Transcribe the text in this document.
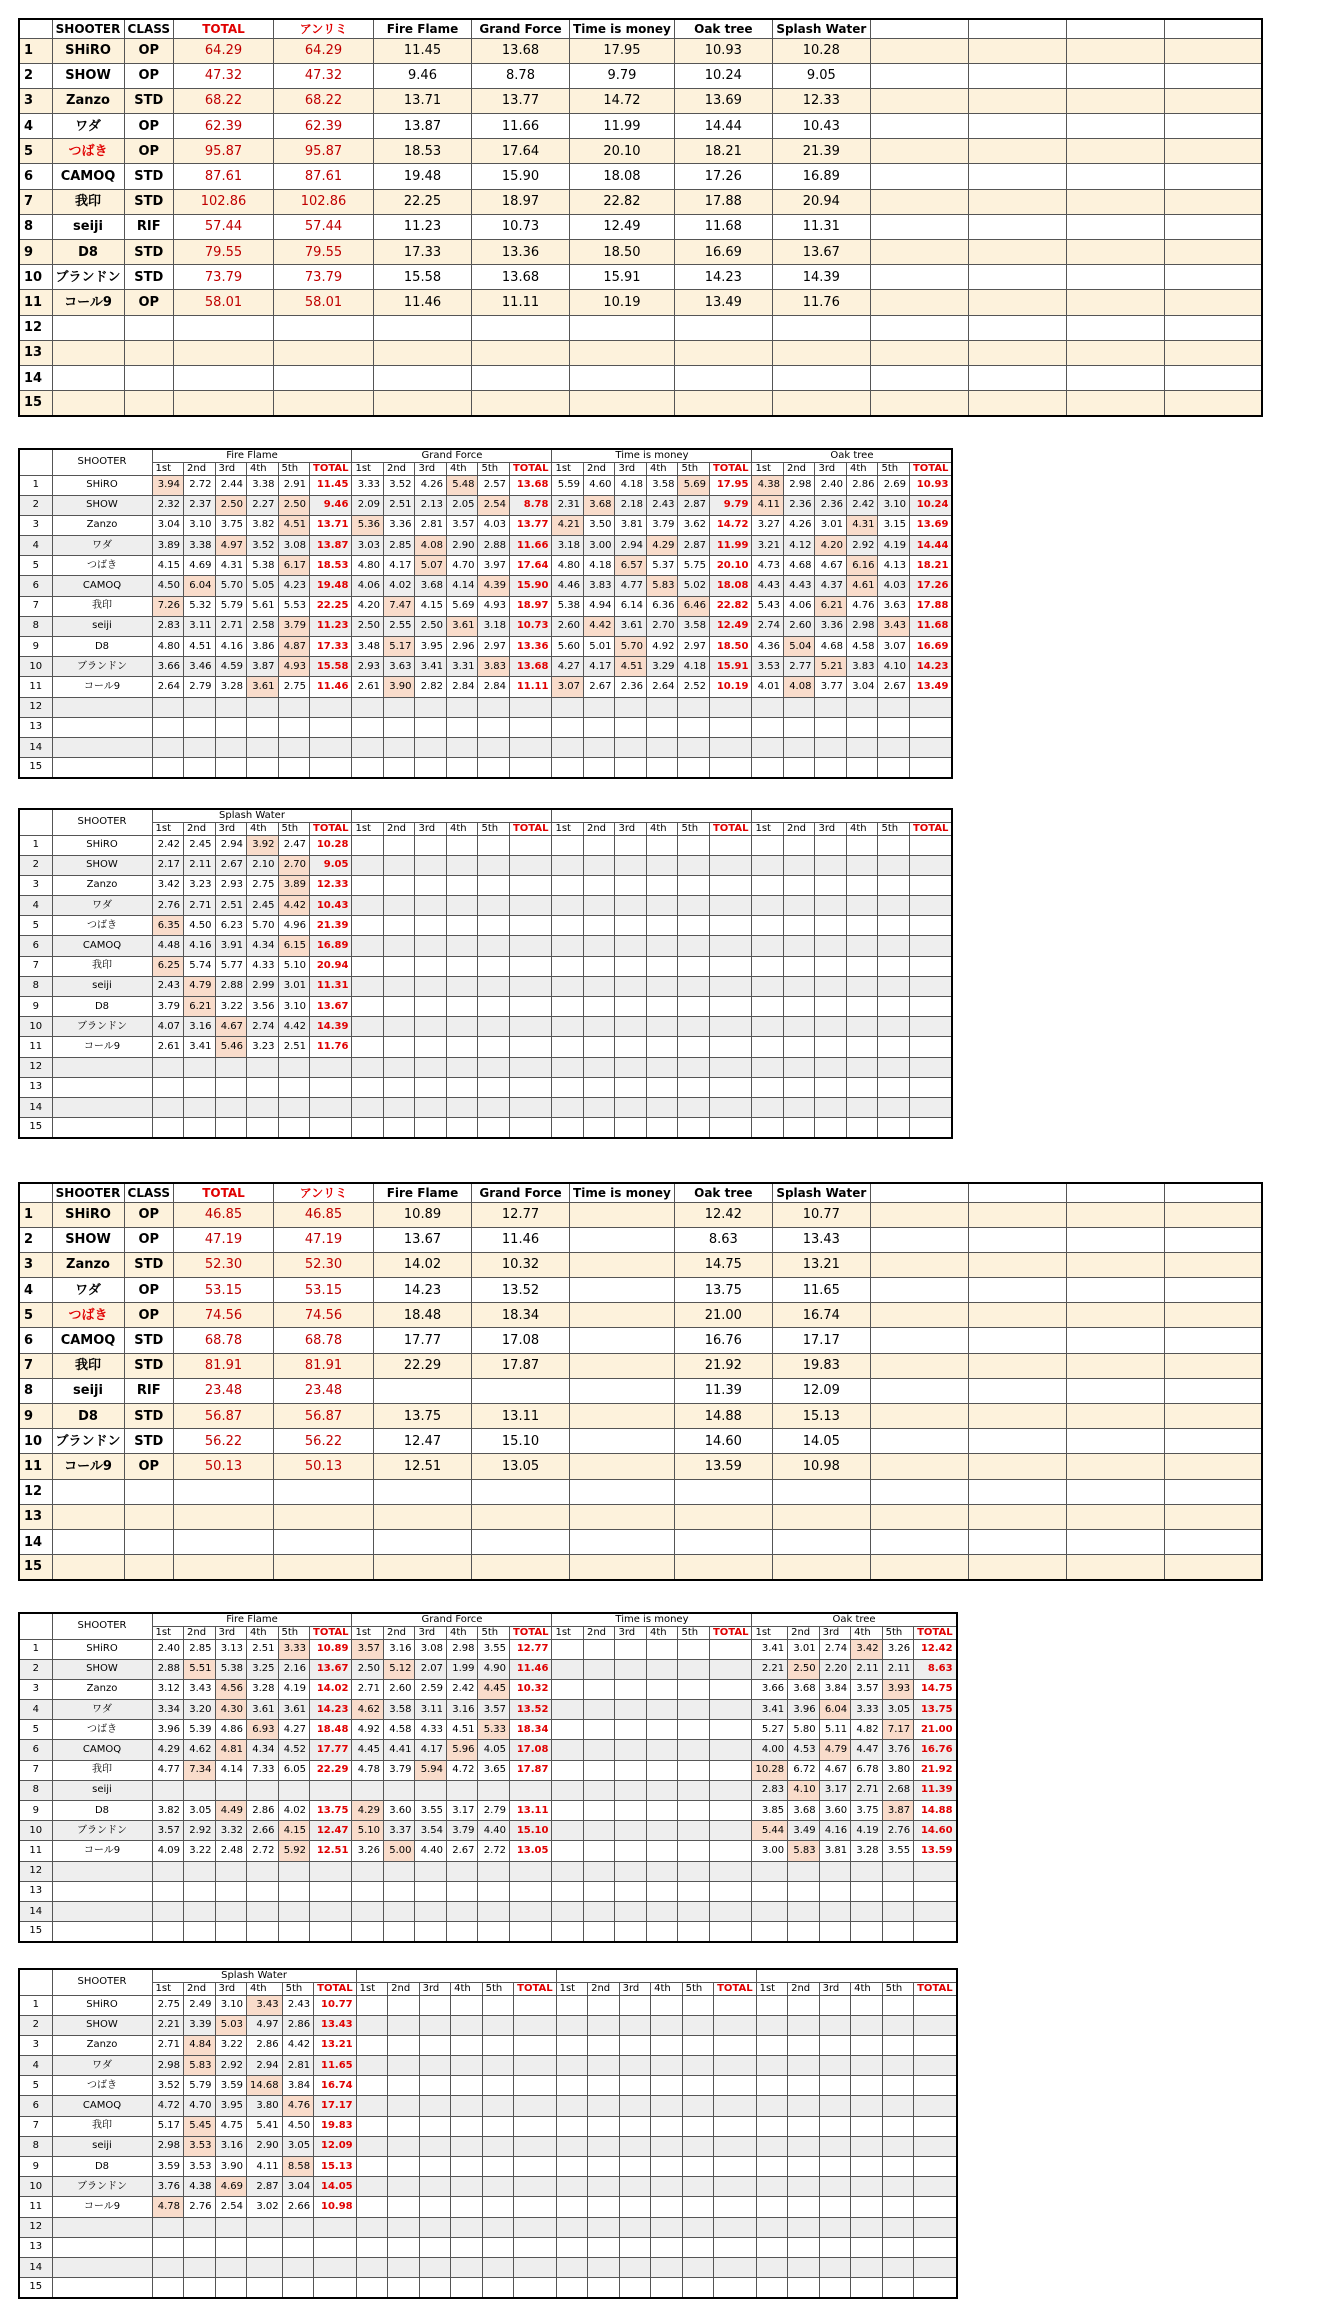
	SHOOTER	CLASS	TOTAL	アンリミ	Fire Flame	Grand Force	Time is money	Oak tree	Splash Water				
1	SHiRO	OP	64.29	64.29	11.45	13.68	17.95	10.93	10.28				
2	SHOW	OP	47.32	47.32	9.46	8.78	9.79	10.24	9.05				
3	Zanzo	STD	68.22	68.22	13.71	13.77	14.72	13.69	12.33				
4	ワダ	OP	62.39	62.39	13.87	11.66	11.99	14.44	10.43				
5	つばき	OP	95.87	95.87	18.53	17.64	20.10	18.21	21.39				
6	CAMOQ	STD	87.61	87.61	19.48	15.90	18.08	17.26	16.89				
7	我印	STD	102.86	102.86	22.25	18.97	22.82	17.88	20.94				
8	seiji	RIF	57.44	57.44	11.23	10.73	12.49	11.68	11.31				
9	D8	STD	79.55	79.55	17.33	13.36	18.50	16.69	13.67				
10	ブランドン	STD	73.79	73.79	15.58	13.68	15.91	14.23	14.39				
11	コール9	OP	58.01	58.01	11.46	11.11	10.19	13.49	11.76				
12													
13													
14													
15													
	SHOOTER	Fire Flame						Grand Force						Time is money						Oak tree					
		1st	2nd	3rd	4th	5th	TOTAL	1st	2nd	3rd	4th	5th	TOTAL	1st	2nd	3rd	4th	5th	TOTAL	1st	2nd	3rd	4th	5th	TOTAL
1	SHiRO	3.94	2.72	2.44	3.38	2.91	11.45	3.33	3.52	4.26	5.48	2.57	13.68	5.59	4.60	4.18	3.58	5.69	17.95	4.38	2.98	2.40	2.86	2.69	10.93
2	SHOW	2.32	2.37	2.50	2.27	2.50	9.46	2.09	2.51	2.13	2.05	2.54	8.78	2.31	3.68	2.18	2.43	2.87	9.79	4.11	2.36	2.36	2.42	3.10	10.24
3	Zanzo	3.04	3.10	3.75	3.82	4.51	13.71	5.36	3.36	2.81	3.57	4.03	13.77	4.21	3.50	3.81	3.79	3.62	14.72	3.27	4.26	3.01	4.31	3.15	13.69
4	ワダ	3.89	3.38	4.97	3.52	3.08	13.87	3.03	2.85	4.08	2.90	2.88	11.66	3.18	3.00	2.94	4.29	2.87	11.99	3.21	4.12	4.20	2.92	4.19	14.44
5	つばき	4.15	4.69	4.31	5.38	6.17	18.53	4.80	4.17	5.07	4.70	3.97	17.64	4.80	4.18	6.57	5.37	5.75	20.10	4.73	4.68	4.67	6.16	4.13	18.21
6	CAMOQ	4.50	6.04	5.70	5.05	4.23	19.48	4.06	4.02	3.68	4.14	4.39	15.90	4.46	3.83	4.77	5.83	5.02	18.08	4.43	4.43	4.37	4.61	4.03	17.26
7	我印	7.26	5.32	5.79	5.61	5.53	22.25	4.20	7.47	4.15	5.69	4.93	18.97	5.38	4.94	6.14	6.36	6.46	22.82	5.43	4.06	6.21	4.76	3.63	17.88
8	seiji	2.83	3.11	2.71	2.58	3.79	11.23	2.50	2.55	2.50	3.61	3.18	10.73	2.60	4.42	3.61	2.70	3.58	12.49	2.74	2.60	3.36	2.98	3.43	11.68
9	D8	4.80	4.51	4.16	3.86	4.87	17.33	3.48	5.17	3.95	2.96	2.97	13.36	5.60	5.01	5.70	4.92	2.97	18.50	4.36	5.04	4.68	4.58	3.07	16.69
10	ブランドン	3.66	3.46	4.59	3.87	4.93	15.58	2.93	3.63	3.41	3.31	3.83	13.68	4.27	4.17	4.51	3.29	4.18	15.91	3.53	2.77	5.21	3.83	4.10	14.23
11	コール9	2.64	2.79	3.28	3.61	2.75	11.46	2.61	3.90	2.82	2.84	2.84	11.11	3.07	2.67	2.36	2.64	2.52	10.19	4.01	4.08	3.77	3.04	2.67	13.49
12																									
13																									
14																									
15																									
	SHOOTER	Splash Water																							
		1st	2nd	3rd	4th	5th	TOTAL	1st	2nd	3rd	4th	5th	TOTAL	1st	2nd	3rd	4th	5th	TOTAL	1st	2nd	3rd	4th	5th	TOTAL
1	SHiRO	2.42	2.45	2.94	3.92	2.47	10.28																		
2	SHOW	2.17	2.11	2.67	2.10	2.70	9.05																		
3	Zanzo	3.42	3.23	2.93	2.75	3.89	12.33																		
4	ワダ	2.76	2.71	2.51	2.45	4.42	10.43																		
5	つばき	6.35	4.50	6.23	5.70	4.96	21.39																		
6	CAMOQ	4.48	4.16	3.91	4.34	6.15	16.89																		
7	我印	6.25	5.74	5.77	4.33	5.10	20.94																		
8	seiji	2.43	4.79	2.88	2.99	3.01	11.31																		
9	D8	3.79	6.21	3.22	3.56	3.10	13.67																		
10	ブランドン	4.07	3.16	4.67	2.74	4.42	14.39																		
11	コール9	2.61	3.41	5.46	3.23	2.51	11.76																		
12																									
13																									
14																									
15																									
	SHOOTER	CLASS	TOTAL	アンリミ	Fire Flame	Grand Force	Time is money	Oak tree	Splash Water				
1	SHiRO	OP	46.85	46.85	10.89	12.77		12.42	10.77				
2	SHOW	OP	47.19	47.19	13.67	11.46		8.63	13.43				
3	Zanzo	STD	52.30	52.30	14.02	10.32		14.75	13.21				
4	ワダ	OP	53.15	53.15	14.23	13.52		13.75	11.65				
5	つばき	OP	74.56	74.56	18.48	18.34		21.00	16.74				
6	CAMOQ	STD	68.78	68.78	17.77	17.08		16.76	17.17				
7	我印	STD	81.91	81.91	22.29	17.87		21.92	19.83				
8	seiji	RIF	23.48	23.48				11.39	12.09				
9	D8	STD	56.87	56.87	13.75	13.11		14.88	15.13				
10	ブランドン	STD	56.22	56.22	12.47	15.10		14.60	14.05				
11	コール9	OP	50.13	50.13	12.51	13.05		13.59	10.98				
12													
13													
14													
15													
	SHOOTER	Fire Flame						Grand Force						Time is money						Oak tree					
		1st	2nd	3rd	4th	5th	TOTAL	1st	2nd	3rd	4th	5th	TOTAL	1st	2nd	3rd	4th	5th	TOTAL	1st	2nd	3rd	4th	5th	TOTAL
1	SHiRO	2.40	2.85	3.13	2.51	3.33	10.89	3.57	3.16	3.08	2.98	3.55	12.77							3.41	3.01	2.74	3.42	3.26	12.42
2	SHOW	2.88	5.51	5.38	3.25	2.16	13.67	2.50	5.12	2.07	1.99	4.90	11.46							2.21	2.50	2.20	2.11	2.11	8.63
3	Zanzo	3.12	3.43	4.56	3.28	4.19	14.02	2.71	2.60	2.59	2.42	4.45	10.32							3.66	3.68	3.84	3.57	3.93	14.75
4	ワダ	3.34	3.20	4.30	3.61	3.61	14.23	4.62	3.58	3.11	3.16	3.57	13.52							3.41	3.96	6.04	3.33	3.05	13.75
5	つばき	3.96	5.39	4.86	6.93	4.27	18.48	4.92	4.58	4.33	4.51	5.33	18.34							5.27	5.80	5.11	4.82	7.17	21.00
6	CAMOQ	4.29	4.62	4.81	4.34	4.52	17.77	4.45	4.41	4.17	5.96	4.05	17.08							4.00	4.53	4.79	4.47	3.76	16.76
7	我印	4.77	7.34	4.14	7.33	6.05	22.29	4.78	3.79	5.94	4.72	3.65	17.87							10.28	6.72	4.67	6.78	3.80	21.92
8	seiji																			2.83	4.10	3.17	2.71	2.68	11.39
9	D8	3.82	3.05	4.49	2.86	4.02	13.75	4.29	3.60	3.55	3.17	2.79	13.11							3.85	3.68	3.60	3.75	3.87	14.88
10	ブランドン	3.57	2.92	3.32	2.66	4.15	12.47	5.10	3.37	3.54	3.79	4.40	15.10							5.44	3.49	4.16	4.19	2.76	14.60
11	コール9	4.09	3.22	2.48	2.72	5.92	12.51	3.26	5.00	4.40	2.67	2.72	13.05							3.00	5.83	3.81	3.28	3.55	13.59
12																									
13																									
14																									
15																									
	SHOOTER	Splash Water																							
		1st	2nd	3rd	4th	5th	TOTAL	1st	2nd	3rd	4th	5th	TOTAL	1st	2nd	3rd	4th	5th	TOTAL	1st	2nd	3rd	4th	5th	TOTAL
1	SHiRO	2.75	2.49	3.10	3.43	2.43	10.77																		
2	SHOW	2.21	3.39	5.03	4.97	2.86	13.43																		
3	Zanzo	2.71	4.84	3.22	2.86	4.42	13.21																		
4	ワダ	2.98	5.83	2.92	2.94	2.81	11.65																		
5	つばき	3.52	5.79	3.59	14.68	3.84	16.74																		
6	CAMOQ	4.72	4.70	3.95	3.80	4.76	17.17																		
7	我印	5.17	5.45	4.75	5.41	4.50	19.83																		
8	seiji	2.98	3.53	3.16	2.90	3.05	12.09																		
9	D8	3.59	3.53	3.90	4.11	8.58	15.13																		
10	ブランドン	3.76	4.38	4.69	2.87	3.04	14.05																		
11	コール9	4.78	2.76	2.54	3.02	2.66	10.98																		
12																									
13																									
14																									
15																									
